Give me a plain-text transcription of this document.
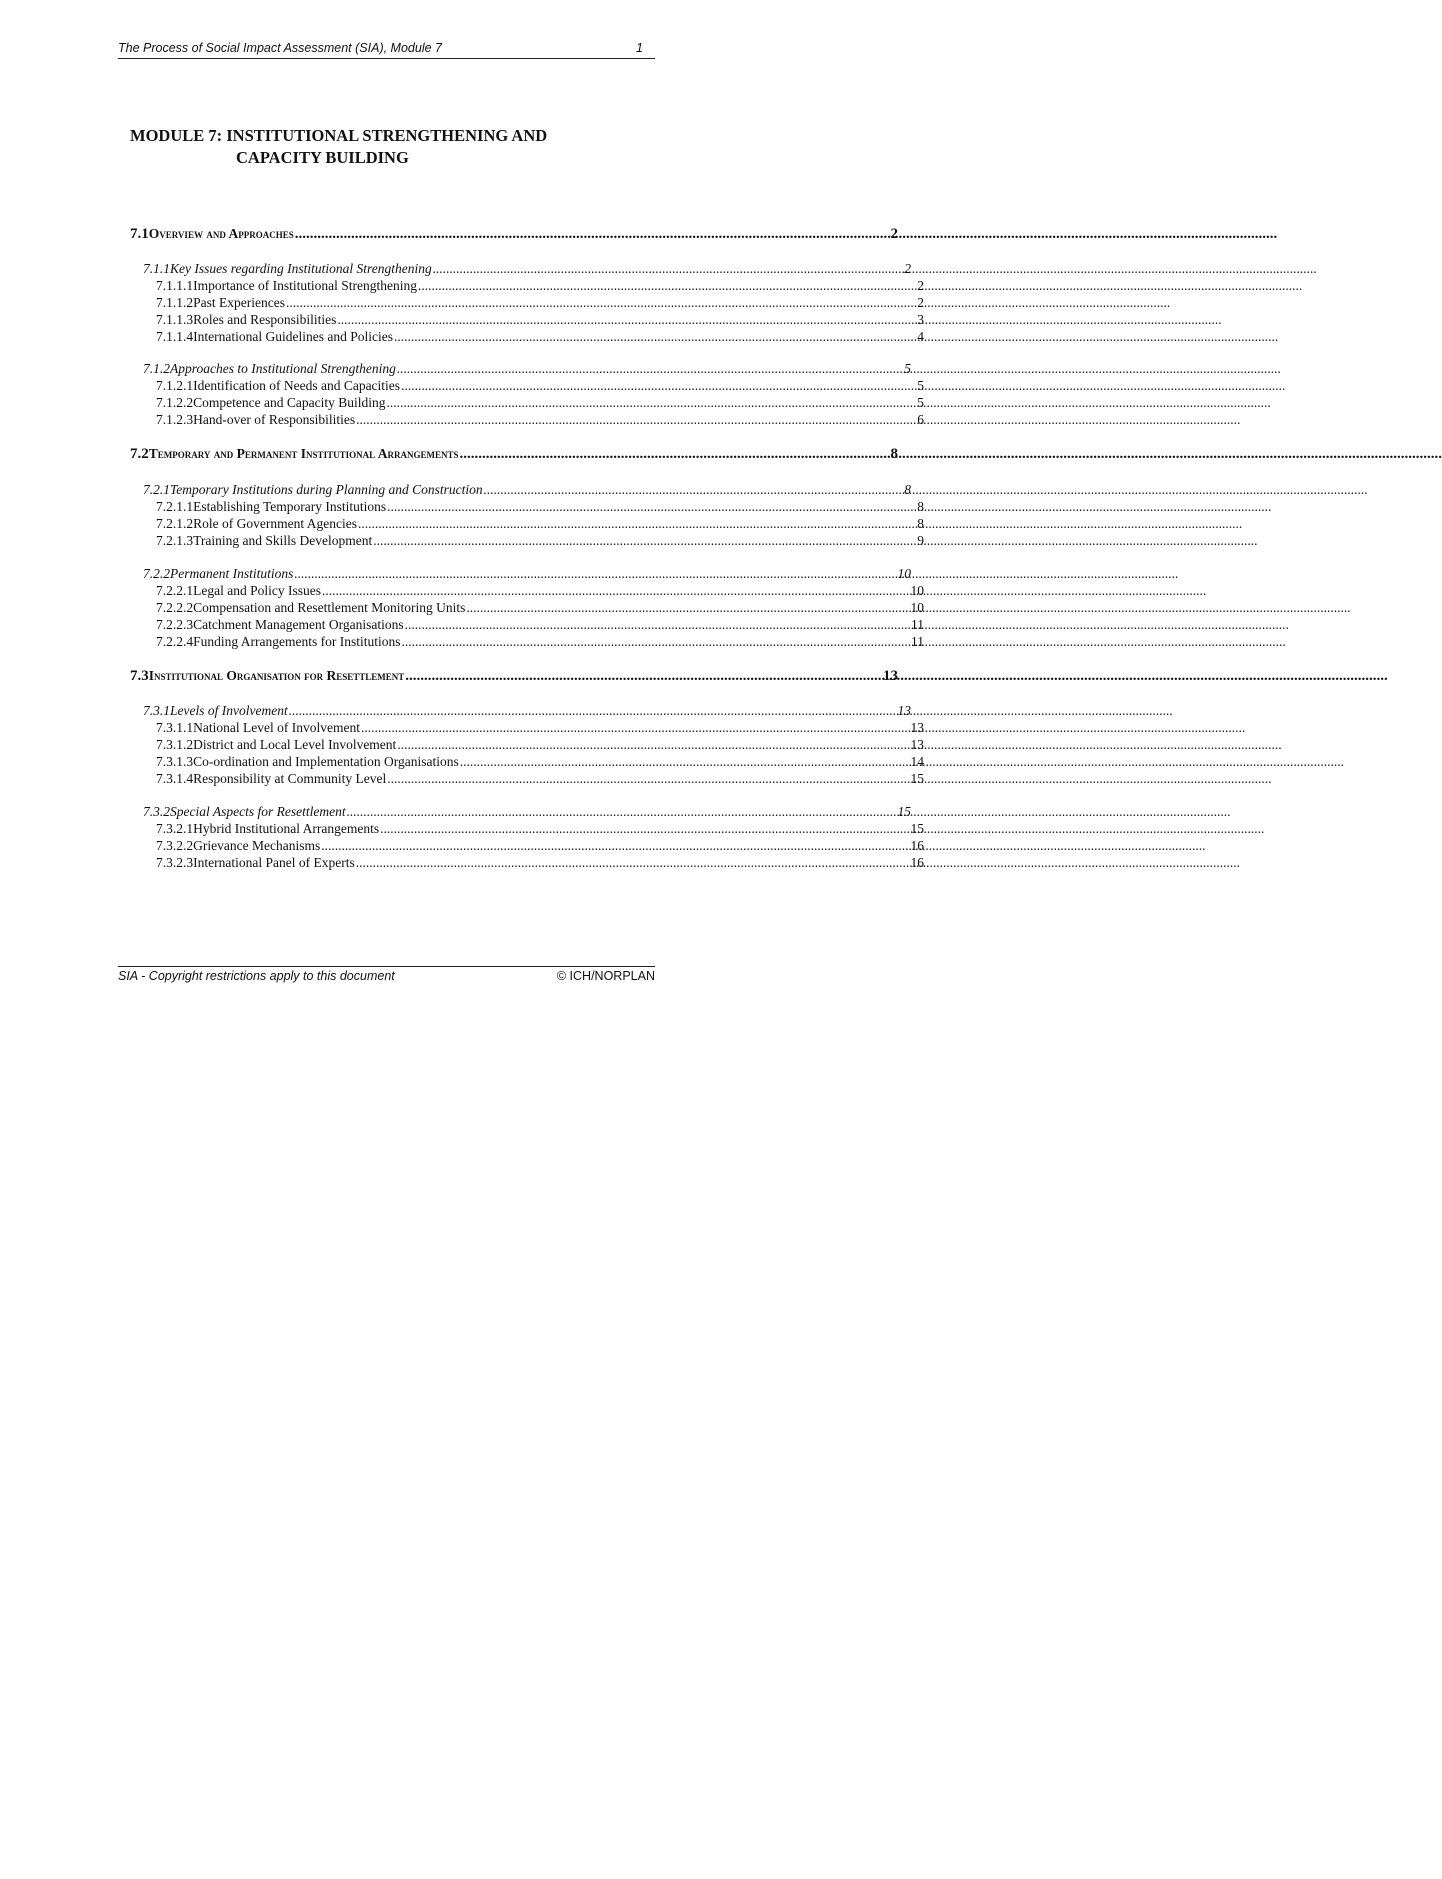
The Process of Social Impact Assessment (SIA), Module 7	1
MODULE 7: INSTITUTIONAL STRENGTHENING AND
CAPACITY BUILDING
7.1 Overview and Approaches .....	2
7.1.1 Key Issues regarding Institutional Strengthening .....	2
7.1.1.1 Importance of Institutional Strengthening .....	2
7.1.1.2 Past Experiences .....	2
7.1.1.3 Roles and Responsibilities .....	3
7.1.1.4 International Guidelines and Policies .....	4
7.1.2 Approaches to Institutional Strengthening .....	5
7.1.2.1 Identification of Needs and Capacities .....	5
7.1.2.2 Competence and Capacity Building .....	5
7.1.2.3 Hand-over of Responsibilities .....	6
7.2 Temporary and Permanent Institutional Arrangements .....	8
7.2.1 Temporary Institutions during Planning and Construction .....	8
7.2.1.1 Establishing Temporary Institutions .....	8
7.2.1.2 Role of Government Agencies .....	8
7.2.1.3 Training and Skills Development .....	9
7.2.2 Permanent Institutions .....	10
7.2.2.1 Legal and Policy Issues .....	10
7.2.2.2 Compensation and Resettlement Monitoring Units .....	10
7.2.2.3 Catchment Management Organisations .....	11
7.2.2.4 Funding Arrangements for Institutions .....	11
7.3 Institutional Organisation for Resettlement .....	13
7.3.1 Levels of Involvement .....	13
7.3.1.1 National Level of Involvement .....	13
7.3.1.2 District and Local Level Involvement .....	13
7.3.1.3 Co-ordination and Implementation Organisations .....	14
7.3.1.4 Responsibility at Community Level .....	15
7.3.2 Special Aspects for Resettlement .....	15
7.3.2.1 Hybrid Institutional Arrangements .....	15
7.3.2.2 Grievance Mechanisms .....	16
7.3.2.3 International Panel of Experts .....	16
SIA - Copyright restrictions apply to this document	© ICH/NORPLAN
